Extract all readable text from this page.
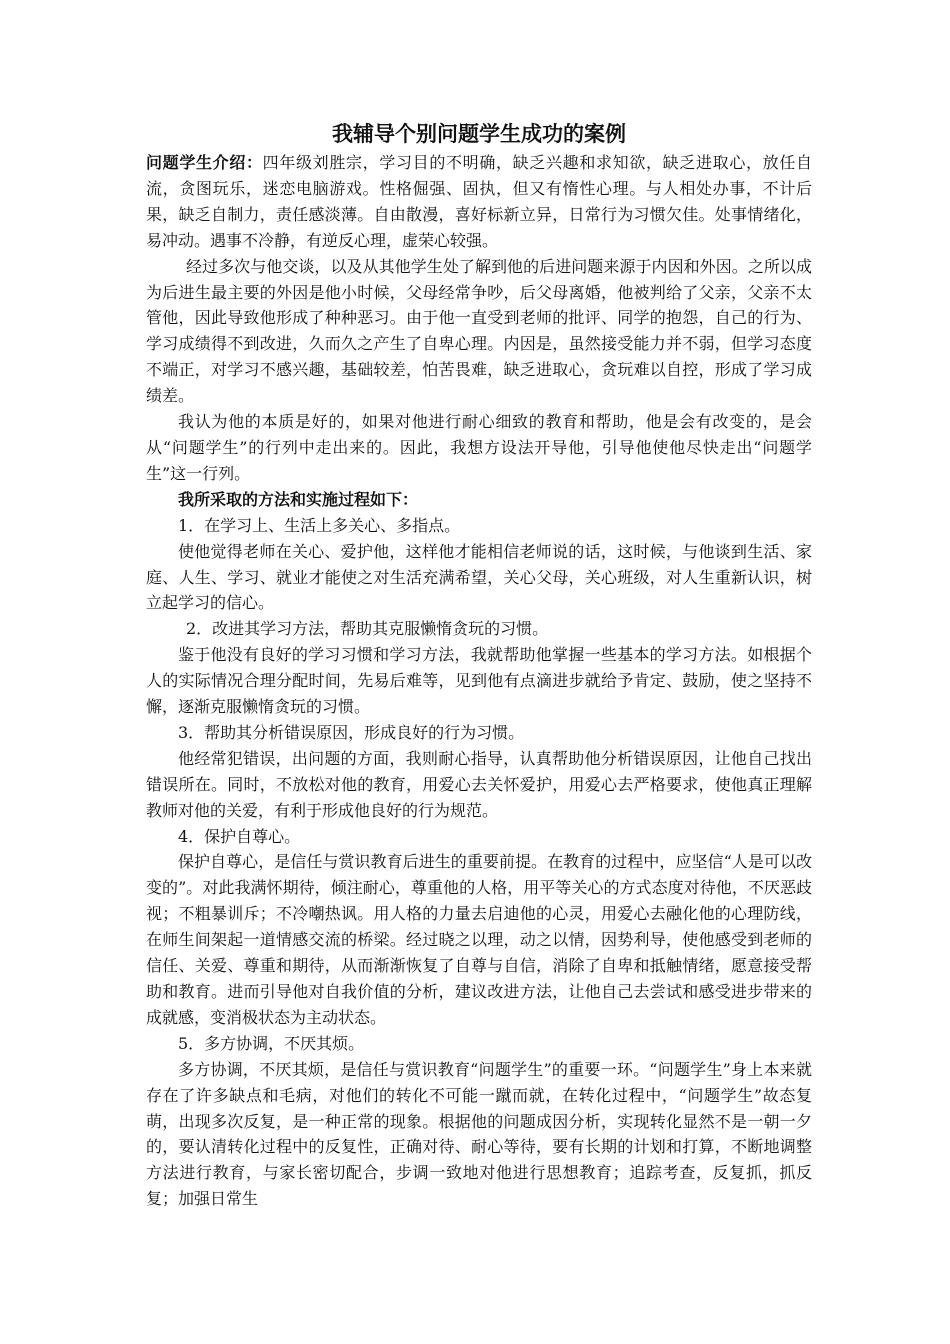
我辅导个别问题学生成功的案例

问题学生介绍：四年级刘胜宗，学习目的不明确，缺乏兴趣和求知欲，缺乏进取心，放任自流，贪图玩乐，迷恋电脑游戏。性格倔强、固执，但又有惰性心理。与人相处办事，不计后果，缺乏自制力，责任感淡薄。自由散漫，喜好标新立异，日常行为习惯欠佳。处事情绪化，易冲动。遇事不冷静，有逆反心理，虚荣心较强。

经过多次与他交谈，以及从其他学生处了解到他的后进问题来源于内因和外因。之所以成为后进生最主要的外因是他小时候，父母经常争吵，后父母离婚，他被判给了父亲，父亲不太管他，因此导致他形成了种种恶习。由于他一直受到老师的批评、同学的抱怨，自己的行为、学习成绩得不到改进，久而久之产生了自卑心理。内因是，虽然接受能力并不弱，但学习态度不端正，对学习不感兴趣，基础较差，怕苦畏难，缺乏进取心，贪玩难以自控，形成了学习成绩差。

我认为他的本质是好的，如果对他进行耐心细致的教育和帮助，他是会有改变的，是会从“问题学生”的行列中走出来的。因此，我想方设法开导他，引导他使他尽快走出“问题学生”这一行列。

我所采取的方法和实施过程如下：

1．在学习上、生活上多关心、多指点。

使他觉得老师在关心、爱护他，这样他才能相信老师说的话，这时候，与他谈到生活、家庭、人生、学习、就业才能使之对生活充满希望，关心父母，关心班级，对人生重新认识，树立起学习的信心。

2．改进其学习方法，帮助其克服懒惰贪玩的习惯。

鉴于他没有良好的学习习惯和学习方法，我就帮助他掌握一些基本的学习方法。如根据个人的实际情况合理分配时间，先易后难等，见到他有点滴进步就给予肯定、鼓励，使之坚持不懈，逐渐克服懒惰贪玩的习惯。

3．帮助其分析错误原因，形成良好的行为习惯。

他经常犯错误，出问题的方面，我则耐心指导，认真帮助他分析错误原因，让他自己找出错误所在。同时，不放松对他的教育，用爱心去关怀爱护，用爱心去严格要求，使他真正理解教师对他的关爱，有利于形成他良好的行为规范。

4．保护自尊心。

保护自尊心，是信任与赏识教育后进生的重要前提。在教育的过程中，应坚信“人是可以改变的”。对此我满怀期待，倾注耐心，尊重他的人格，用平等关心的方式态度对待他，不厌恶歧视；不粗暴训斥；不冷嘲热讽。用人格的力量去启迪他的心灵，用爱心去融化他的心理防线，在师生间架起一道情感交流的桥梁。经过晓之以理，动之以情，因势利导，使他感受到老师的信任、关爱、尊重和期待，从而渐渐恢复了自尊与自信，消除了自卑和抵触情绪，愿意接受帮助和教育。进而引导他对自我价值的分析，建议改进方法，让他自己去尝试和感受进步带来的成就感，变消极状态为主动状态。

5．多方协调，不厌其烦。

多方协调，不厌其烦，是信任与赏识教育“问题学生”的重要一环。“问题学生”身上本来就存在了许多缺点和毛病，对他们的转化不可能一蹴而就，在转化过程中，“问题学生”故态复萌，出现多次反复，是一种正常的现象。根据他的问题成因分析，实现转化显然不是一朝一夕的，要认清转化过程中的反复性，正确对待、耐心等待，要有长期的计划和打算，不断地调整方法进行教育，与家长密切配合，步调一致地对他进行思想教育；追踪考查，反复抓，抓反复；加强日常生
